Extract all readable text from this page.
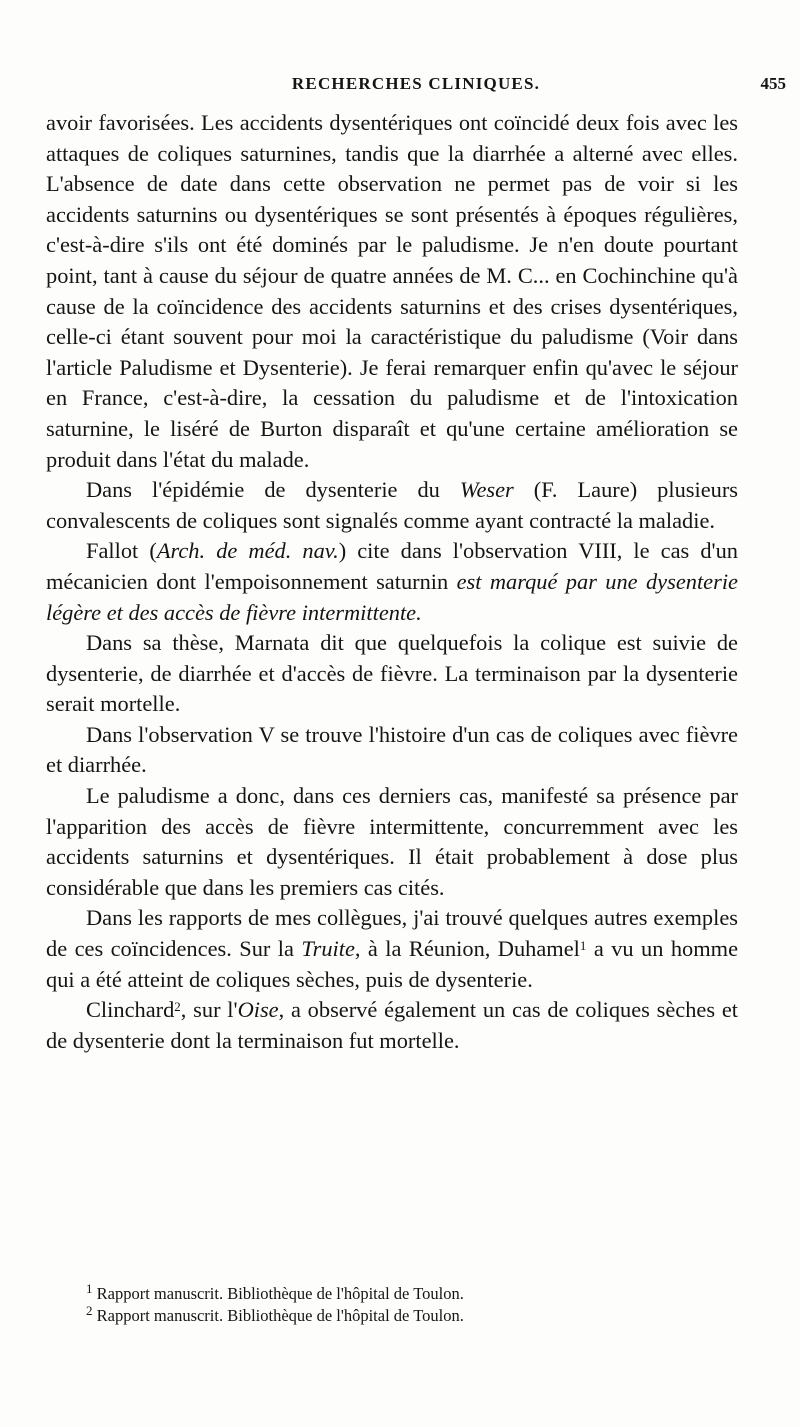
RECHERCHES CLINIQUES.	455

avoir favorisées. Les accidents dysentériques ont coïncidé deux fois avec les attaques de coliques saturnines, tandis que la diarrhée a alterné avec elles. L'absence de date dans cette observation ne permet pas de voir si les accidents saturnins ou dysentériques se sont présentés à époques régulières, c'est-à-dire s'ils ont été dominés par le paludisme. Je n'en doute pourtant point, tant à cause du séjour de quatre années de M. C... en Cochinchine qu'à cause de la coïncidence des accidents saturnins et des crises dysentériques, celle-ci étant souvent pour moi la caractéristique du paludisme (Voir dans l'article Paludisme et Dysenterie). Je ferai remarquer enfin qu'avec le séjour en France, c'est-à-dire, la cessation du paludisme et de l'intoxication saturnine, le liséré de Burton disparaît et qu'une certaine amélioration se produit dans l'état du malade.

Dans l'épidémie de dysenterie du Weser (F. Laure) plusieurs convalescents de coliques sont signalés comme ayant contracté la maladie.

Fallot (Arch. de méd. nav.) cite dans l'observation VIII, le cas d'un mécanicien dont l'empoisonnement saturnin est marqué par une dysenterie légère et des accès de fièvre intermittente.

Dans sa thèse, Marnata dit que quelquefois la colique est suivie de dysenterie, de diarrhée et d'accès de fièvre. La terminaison par la dysenterie serait mortelle.

Dans l'observation V se trouve l'histoire d'un cas de coliques avec fièvre et diarrhée.

Le paludisme a donc, dans ces derniers cas, manifesté sa présence par l'apparition des accès de fièvre intermittente, concurremment avec les accidents saturnins et dysentériques. Il était probablement à dose plus considérable que dans les premiers cas cités.

Dans les rapports de mes collègues, j'ai trouvé quelques autres exemples de ces coïncidences. Sur la Truite, à la Réunion, Duhamel$^1$ a vu un homme qui a été atteint de coliques sèches, puis de dysenterie.

Clinchard$^2$, sur l'Oise, a observé également un cas de coliques sèches et de dysenterie dont la terminaison fut mortelle.

$^1$ Rapport manuscrit. Bibliothèque de l'hôpital de Toulon.

$^2$ Rapport manuscrit. Bibliothèque de l'hôpital de Toulon.
